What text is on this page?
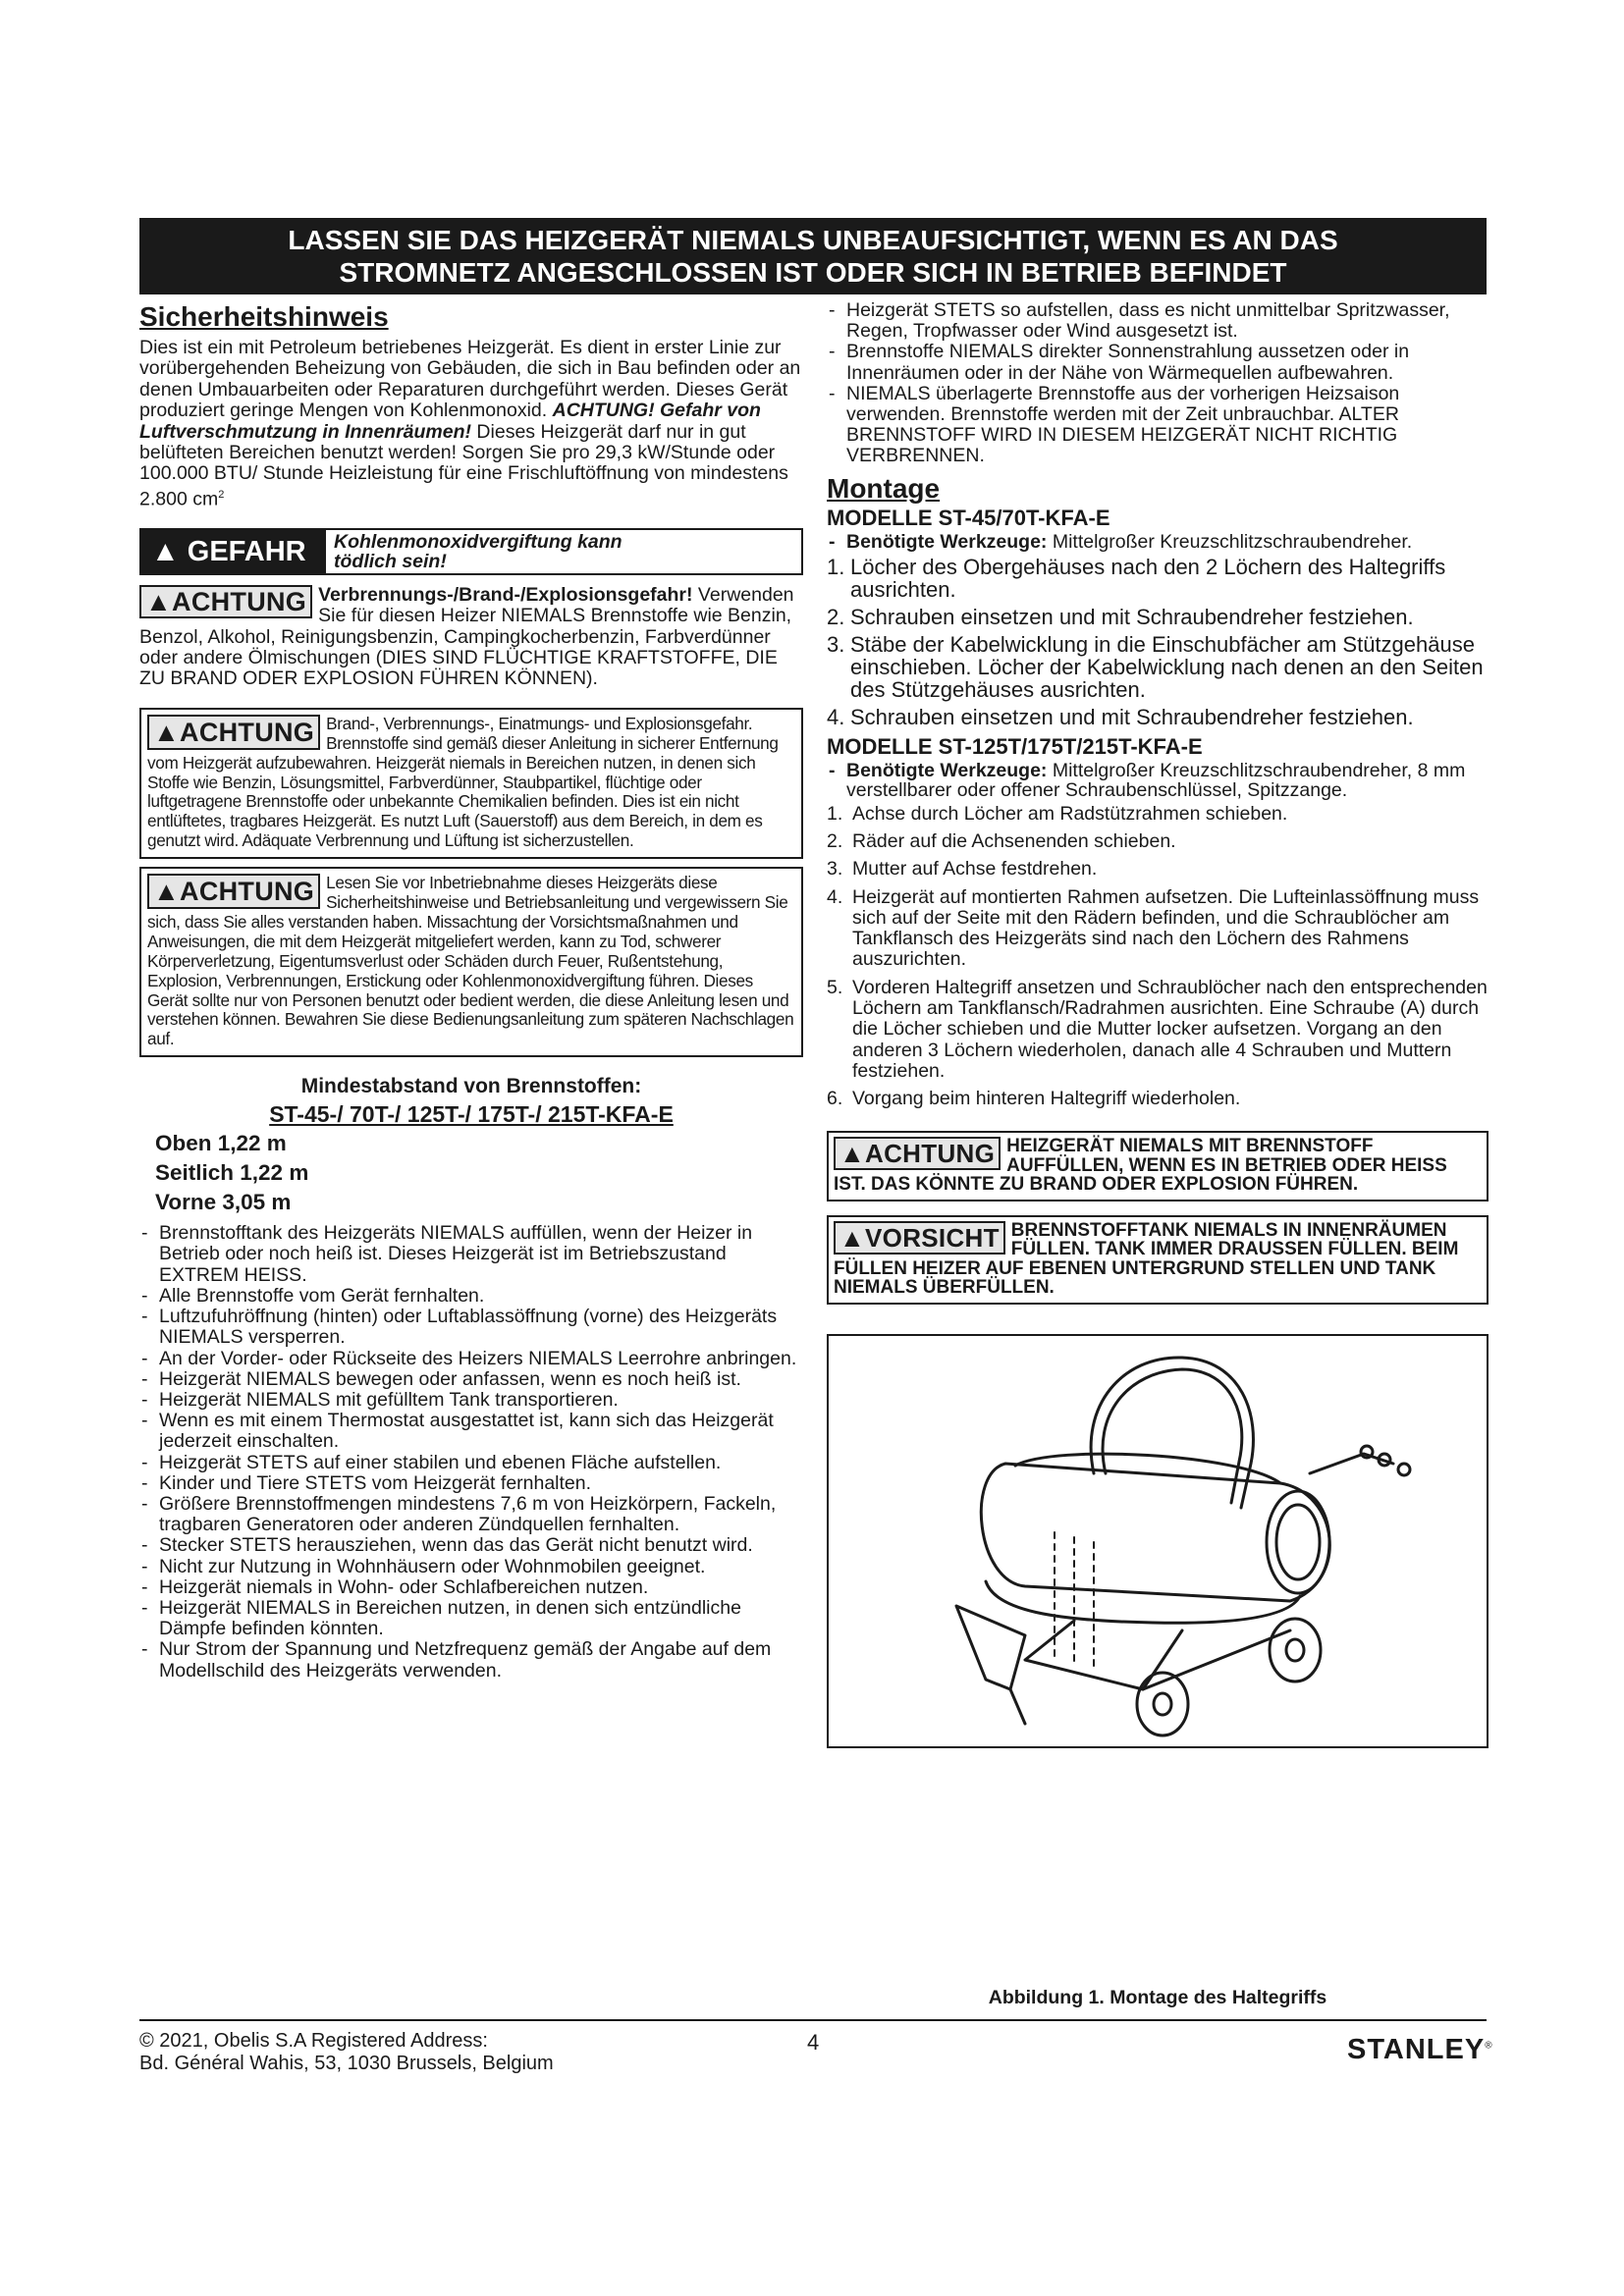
LASSEN SIE DAS HEIZGERÄT NIEMALS UNBEAUFSICHTIGT, WENN ES AN DAS
STROMNETZ ANGESCHLOSSEN IST ODER SICH IN BETRIEB BEFINDET
Sicherheitshinweis

Dies ist ein mit Petroleum betriebenes Heizgerät. Es dient in erster Linie zur vorübergehenden Beheizung von Gebäuden, die sich in Bau befinden oder an denen Umbauarbeiten oder Reparaturen durchgeführt werden. Dieses Gerät produziert geringe Mengen von Kohlenmonoxid. ACHTUNG! Gefahr von Luftverschmutzung in Innenräumen! Dieses Heizgerät darf nur in gut belüfteten Bereichen benutzt werden! Sorgen Sie pro 29,3 kW/Stunde oder 100.000 BTU/ Stunde Heizleistung für eine Frischluftöffnung von mindestens 2.800 $cm^2$

▲ GEFAHR	Kohlenmonoxidvergiftung kann
tödlich sein!

▲ACHTUNG Verbrennungs-/Brand-/Explosionsgefahr! Verwenden Sie für diesen Heizer NIEMALS Brennstoffe wie Benzin, Benzol, Alkohol, Reinigungsbenzin, Campingkocherbenzin, Farbverdünner oder andere Ölmischungen (DIES SIND FLÜCHTIGE KRAFTSTOFFE, DIE ZU BRAND ODER EXPLOSION FÜHREN KÖNNEN).

▲ACHTUNG Brand-, Verbrennungs-, Einatmungs- und Explosionsgefahr. Brennstoffe sind gemäß dieser Anleitung in sicherer Entfernung vom Heizgerät aufzubewahren. Heizgerät niemals in Bereichen nutzen, in denen sich Stoffe wie Benzin, Lösungsmittel, Farbverdünner, Staubpartikel, flüchtige oder luftgetragene Brennstoffe oder unbekannte Chemikalien befinden. Dies ist ein nicht entlüftetes, tragbares Heizgerät. Es nutzt Luft (Sauerstoff) aus dem Bereich, in dem es genutzt wird. Adäquate Verbrennung und Lüftung ist sicherzustellen.

▲ACHTUNG Lesen Sie vor Inbetriebnahme dieses Heizgeräts diese Sicherheitshinweise und Betriebsanleitung und vergewissern Sie sich, dass Sie alles verstanden haben. Missachtung der Vorsichtsmaßnahmen und Anweisungen, die mit dem Heizgerät mitgeliefert werden, kann zu Tod, schwerer Körperverletzung, Eigentumsverlust oder Schäden durch Feuer, Rußentstehung, Explosion, Verbrennungen, Erstickung oder Kohlenmonoxidvergiftung führen. Dieses Gerät sollte nur von Personen benutzt oder bedient werden, die diese Anleitung lesen und verstehen können. Bewahren Sie diese Bedienungsanleitung zum späteren Nachschlagen auf.

Mindestabstand von Brennstoffen:
ST-45-/ 70T-/ 125T-/ 175T-/ 215T-KFA-E
Oben 1,22 m
Seitlich 1,22 m
Vorne 3,05 m
- Brennstofftank des Heizgeräts NIEMALS auffüllen, wenn der Heizer in Betrieb oder noch heiß ist. Dieses Heizgerät ist im Betriebszustand EXTREM HEISS.
- Alle Brennstoffe vom Gerät fernhalten.
- Luftzufuhröffnung (hinten) oder Luftablassöffnung (vorne) des Heizgeräts NIEMALS versperren.
- An der Vorder- oder Rückseite des Heizers NIEMALS Leerrohre anbringen.
- Heizgerät NIEMALS bewegen oder anfassen, wenn es noch heiß ist.
- Heizgerät NIEMALS mit gefülltem Tank transportieren.
- Wenn es mit einem Thermostat ausgestattet ist, kann sich das Heizgerät jederzeit einschalten.
- Heizgerät STETS auf einer stabilen und ebenen Fläche aufstellen.
- Kinder und Tiere STETS vom Heizgerät fernhalten.
- Größere Brennstoffmengen mindestens 7,6 m von Heizkörpern, Fackeln, tragbaren Generatoren oder anderen Zündquellen fernhalten.
- Stecker STETS herausziehen, wenn das das Gerät nicht benutzt wird.
- Nicht zur Nutzung in Wohnhäusern oder Wohnmobilen geeignet.
- Heizgerät niemals in Wohn- oder Schlafbereichen nutzen.
- Heizgerät NIEMALS in Bereichen nutzen, in denen sich entzündliche Dämpfe befinden könnten.
- Nur Strom der Spannung und Netzfrequenz gemäß der Angabe auf dem Modellschild des Heizgeräts verwenden.
- Heizgerät STETS so aufstellen, dass es nicht unmittelbar Spritzwasser, Regen, Tropfwasser oder Wind ausgesetzt ist.
- Brennstoffe NIEMALS direkter Sonnenstrahlung aussetzen oder in Innenräumen oder in der Nähe von Wärmequellen aufbewahren.
- NIEMALS überlagerte Brennstoffe aus der vorherigen Heizsaison verwenden. Brennstoffe werden mit der Zeit unbrauchbar. ALTER BRENNSTOFF WIRD IN DIESEM HEIZGERÄT NICHT RICHTIG VERBRENNEN.
Montage
MODELLE ST-45/70T-KFA-E

- Benötigte Werkzeuge: Mittelgroßer Kreuzschlitzschraubendreher.

1. Löcher des Obergehäuses nach den 2 Löchern des Haltegriffs ausrichten.
2. Schrauben einsetzen und mit Schraubendreher festziehen.
3. Stäbe der Kabelwicklung in die Einschubfächer am Stützgehäuse einschieben. Löcher der Kabelwicklung nach denen an den Seiten des Stützgehäuses ausrichten.
4. Schrauben einsetzen und mit Schraubendreher festziehen.
MODELLE ST-125T/175T/215T-KFA-E

- Benötigte Werkzeuge: Mittelgroßer Kreuzschlitzschraubendreher, 8 mm verstellbarer oder offener Schraubenschlüssel, Spitzzange.

1. Achse durch Löcher am Radstützrahmen schieben.
2. Räder auf die Achsenenden schieben.
3. Mutter auf Achse festdrehen.
4. Heizgerät auf montierten Rahmen aufsetzen. Die Lufteinlassöffnung muss sich auf der Seite mit den Rädern befinden, und die Schraublöcher am Tankflansch des Heizgeräts sind nach den Löchern des Rahmens auszurichten.
5. Vorderen Haltegriff ansetzen und Schraublöcher nach den entsprechenden Löchern am Tankflansch/Radrahmen ausrichten. Eine Schraube (A) durch die Löcher schieben und die Mutter locker aufsetzen. Vorgang an den anderen 3 Löchern wiederholen, danach alle 4 Schrauben und Muttern festziehen.
6. Vorgang beim hinteren Haltegriff wiederholen.
▲ACHTUNG HEIZGERÄT NIEMALS MIT BRENNSTOFF AUFFÜLLEN, WENN ES IN BETRIEB ODER HEISS IST. DAS KÖNNTE ZU BRAND ODER EXPLOSION FÜHREN.
▲VORSICHT BRENNSTOFFTANK NIEMALS IN INNENRÄUMEN FÜLLEN. TANK IMMER DRAUSSEN FÜLLEN. BEIM FÜLLEN HEIZER AUF EBENEN UNTERGRUND STELLEN UND TANK NIEMALS ÜBERFÜLLEN.
Abbildung 1. Montage des Haltegriffs
© 2021, Obelis S.A Registered Address:
Bd. Général Wahis, 53, 1030 Brussels, Belgium
4	STANLEY®
